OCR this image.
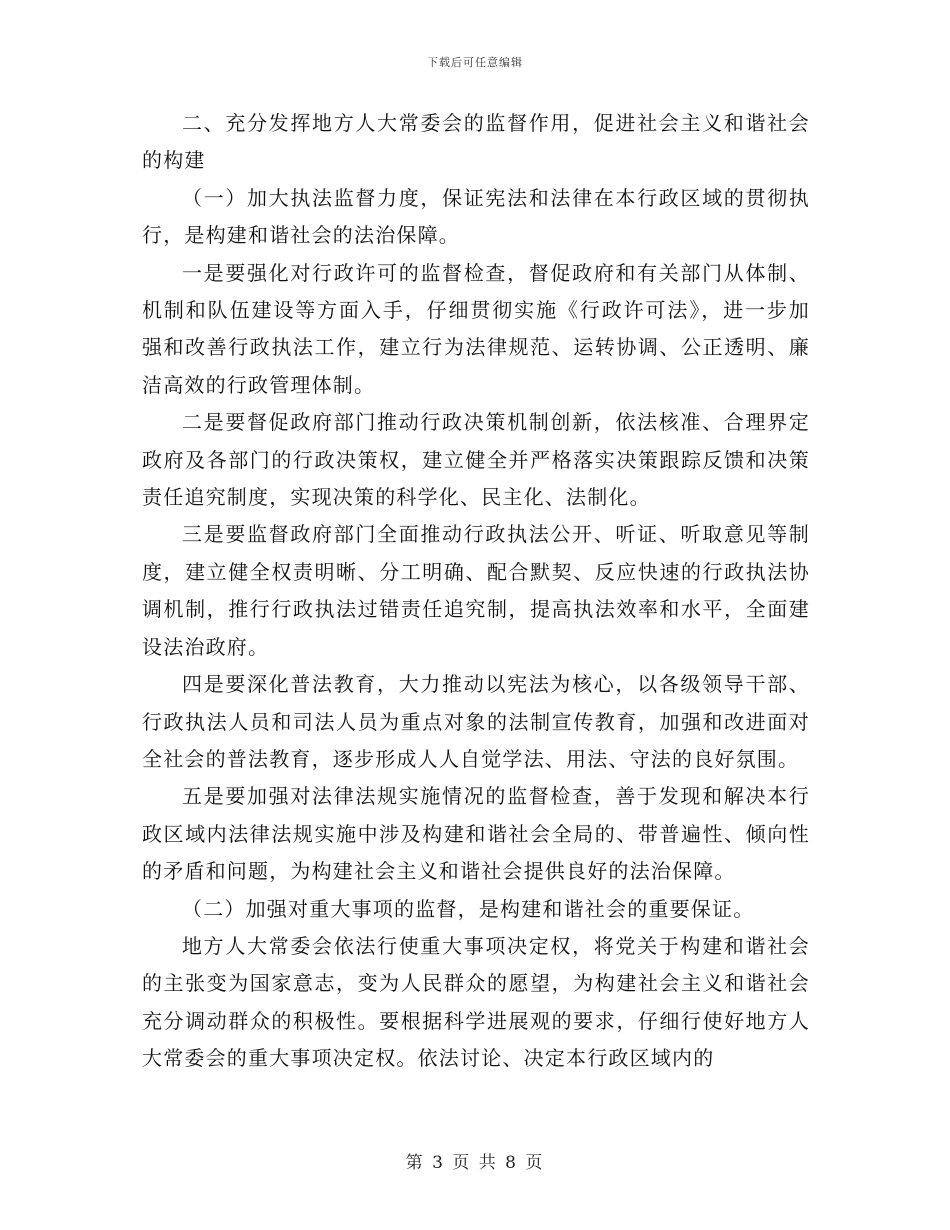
下载后可任意编辑

二、充分发挥地方人大常委会的监督作用，促进社会主义和谐社会的构建

（一）加大执法监督力度，保证宪法和法律在本行政区域的贯彻执行，是构建和谐社会的法治保障。

一是要强化对行政许可的监督检查，督促政府和有关部门从体制、机制和队伍建设等方面入手，仔细贯彻实施《行政许可法》，进一步加强和改善行政执法工作，建立行为法律规范、运转协调、公正透明、廉洁高效的行政管理体制。

二是要督促政府部门推动行政决策机制创新，依法核准、合理界定政府及各部门的行政决策权，建立健全并严格落实决策跟踪反馈和决策责任追究制度，实现决策的科学化、民主化、法制化。

三是要监督政府部门全面推动行政执法公开、听证、听取意见等制度，建立健全权责明晰、分工明确、配合默契、反应快速的行政执法协调机制，推行行政执法过错责任追究制，提高执法效率和水平，全面建设法治政府。

四是要深化普法教育，大力推动以宪法为核心，以各级领导干部、行政执法人员和司法人员为重点对象的法制宣传教育，加强和改进面对全社会的普法教育，逐步形成人人自觉学法、用法、守法的良好氛围。

五是要加强对法律法规实施情况的监督检查，善于发现和解决本行政区域内法律法规实施中涉及构建和谐社会全局的、带普遍性、倾向性的矛盾和问题，为构建社会主义和谐社会提供良好的法治保障。

（二）加强对重大事项的监督，是构建和谐社会的重要保证。

地方人大常委会依法行使重大事项决定权，将党关于构建和谐社会的主张变为国家意志，变为人民群众的愿望，为构建社会主义和谐社会充分调动群众的积极性。要根据科学进展观的要求，仔细行使好地方人大常委会的重大事项决定权。依法讨论、决定本行政区域内的

第 3 页 共 8 页
